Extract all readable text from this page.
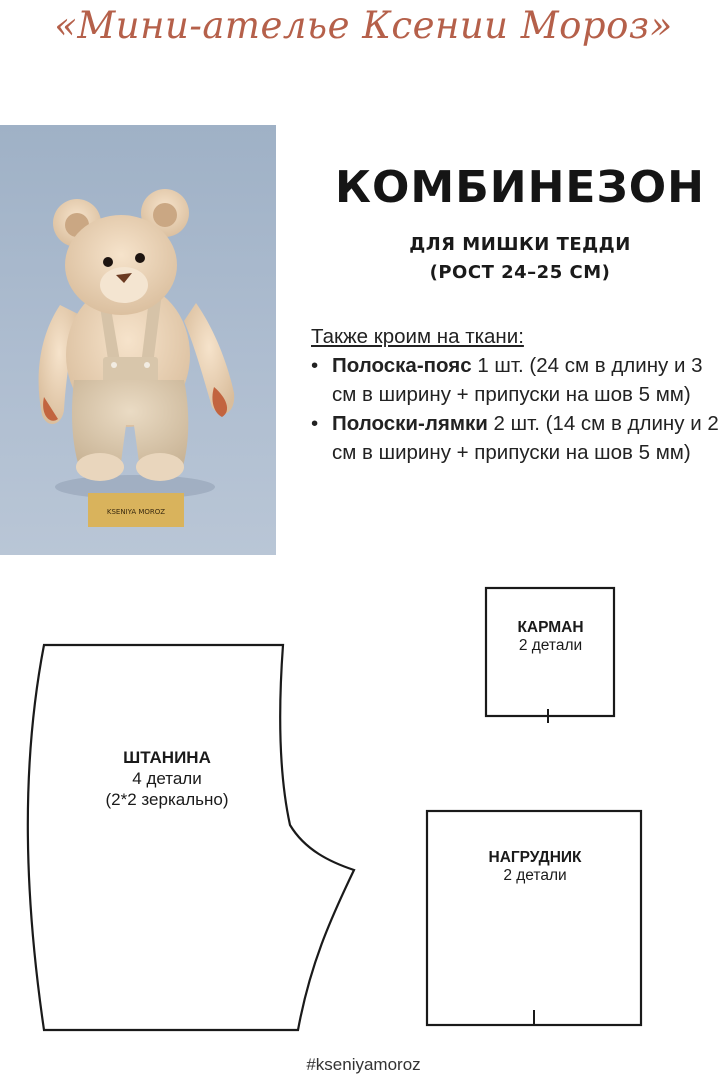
«Мини-ателье Ксении Мороз»
KSENIYA MOROZ
КОМБИНЕЗОН
ДЛЯ МИШКИ ТЕДДИ
(РОСТ 24–25 СМ)
Также кроим на ткани:
• Полоска-пояс 1 шт. (24 см в длину и 3 см в ширину + припуски на шов 5 мм)
• Полоски-лямки 2 шт. (14 см в длину и 2 см в ширину + припуски на шов 5 мм)
КАРМАН
2 детали
ШТАНИНА
4 детали
(2*2 зеркально)
НАГРУДНИК
2 детали
#kseniyamoroz
